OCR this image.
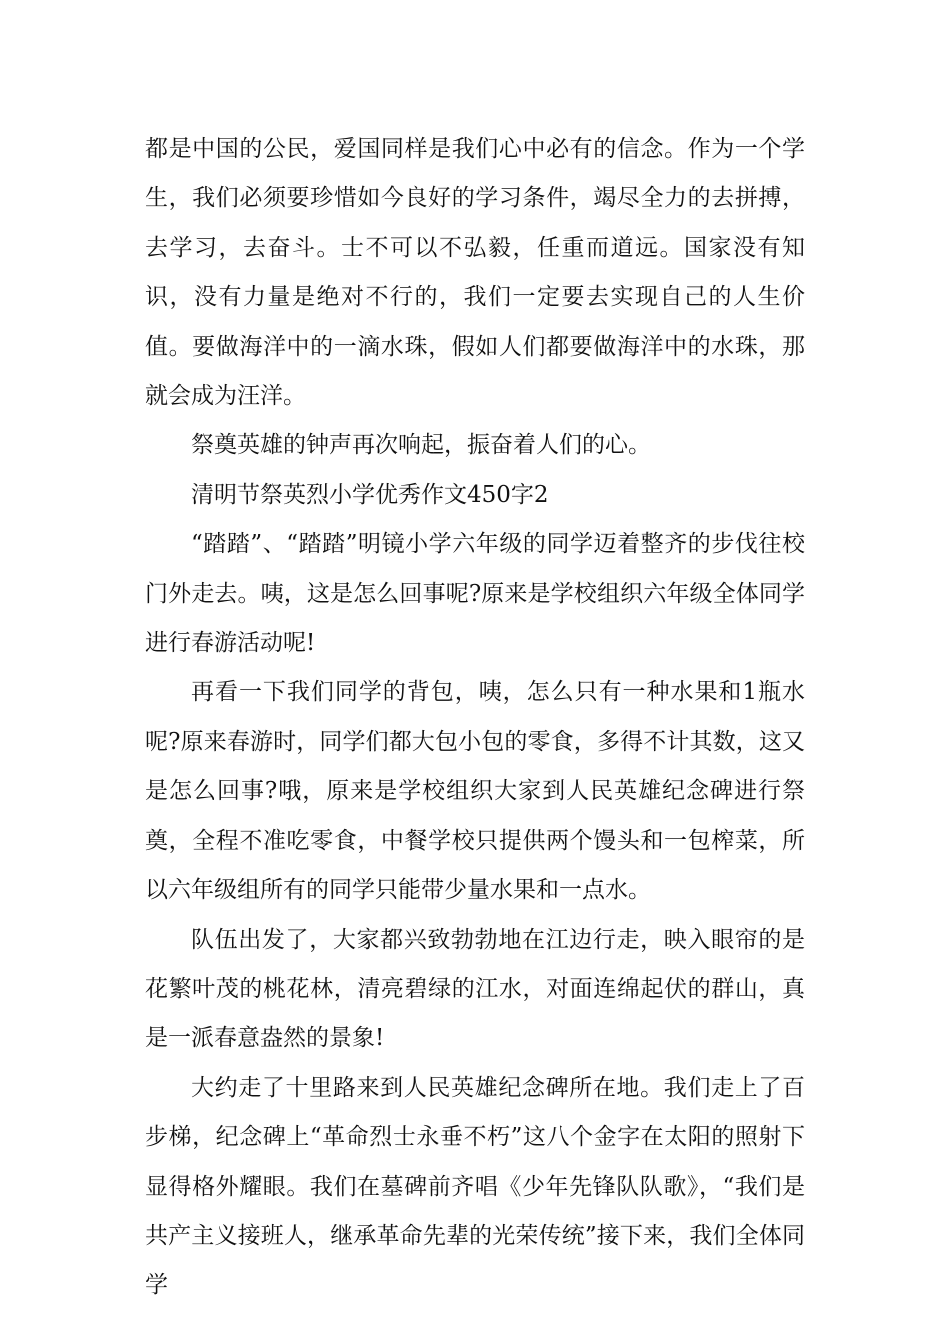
都是中国的公民，爱国同样是我们心中必有的信念。作为一个学生，我们必须要珍惜如今良好的学习条件，竭尽全力的去拼搏，去学习，去奋斗。士不可以不弘毅，任重而道远。国家没有知识，没有力量是绝对不行的，我们一定要去实现自己的人生价值。要做海洋中的一滴水珠，假如人们都要做海洋中的水珠，那就会成为汪洋。

祭奠英雄的钟声再次响起，振奋着人们的心。

清明节祭英烈小学优秀作文450字2

“踏踏”、“踏踏”明镜小学六年级的同学迈着整齐的步伐往校门外走去。咦，这是怎么回事呢?原来是学校组织六年级全体同学进行春游活动呢!

再看一下我们同学的背包，咦，怎么只有一种水果和1瓶水呢?原来春游时，同学们都大包小包的零食，多得不计其数，这又是怎么回事?哦，原来是学校组织大家到人民英雄纪念碑进行祭奠，全程不准吃零食，中餐学校只提供两个馒头和一包榨菜，所以六年级组所有的同学只能带少量水果和一点水。

队伍出发了，大家都兴致勃勃地在江边行走，映入眼帘的是花繁叶茂的桃花林，清亮碧绿的江水，对面连绵起伏的群山，真是一派春意盎然的景象!

大约走了十里路来到人民英雄纪念碑所在地。我们走上了百步梯，纪念碑上“革命烈士永垂不朽”这八个金字在太阳的照射下显得格外耀眼。我们在墓碑前齐唱《少年先锋队队歌》，“我们是共产主义接班人，继承革命先辈的光荣传统”接下来，我们全体同学
